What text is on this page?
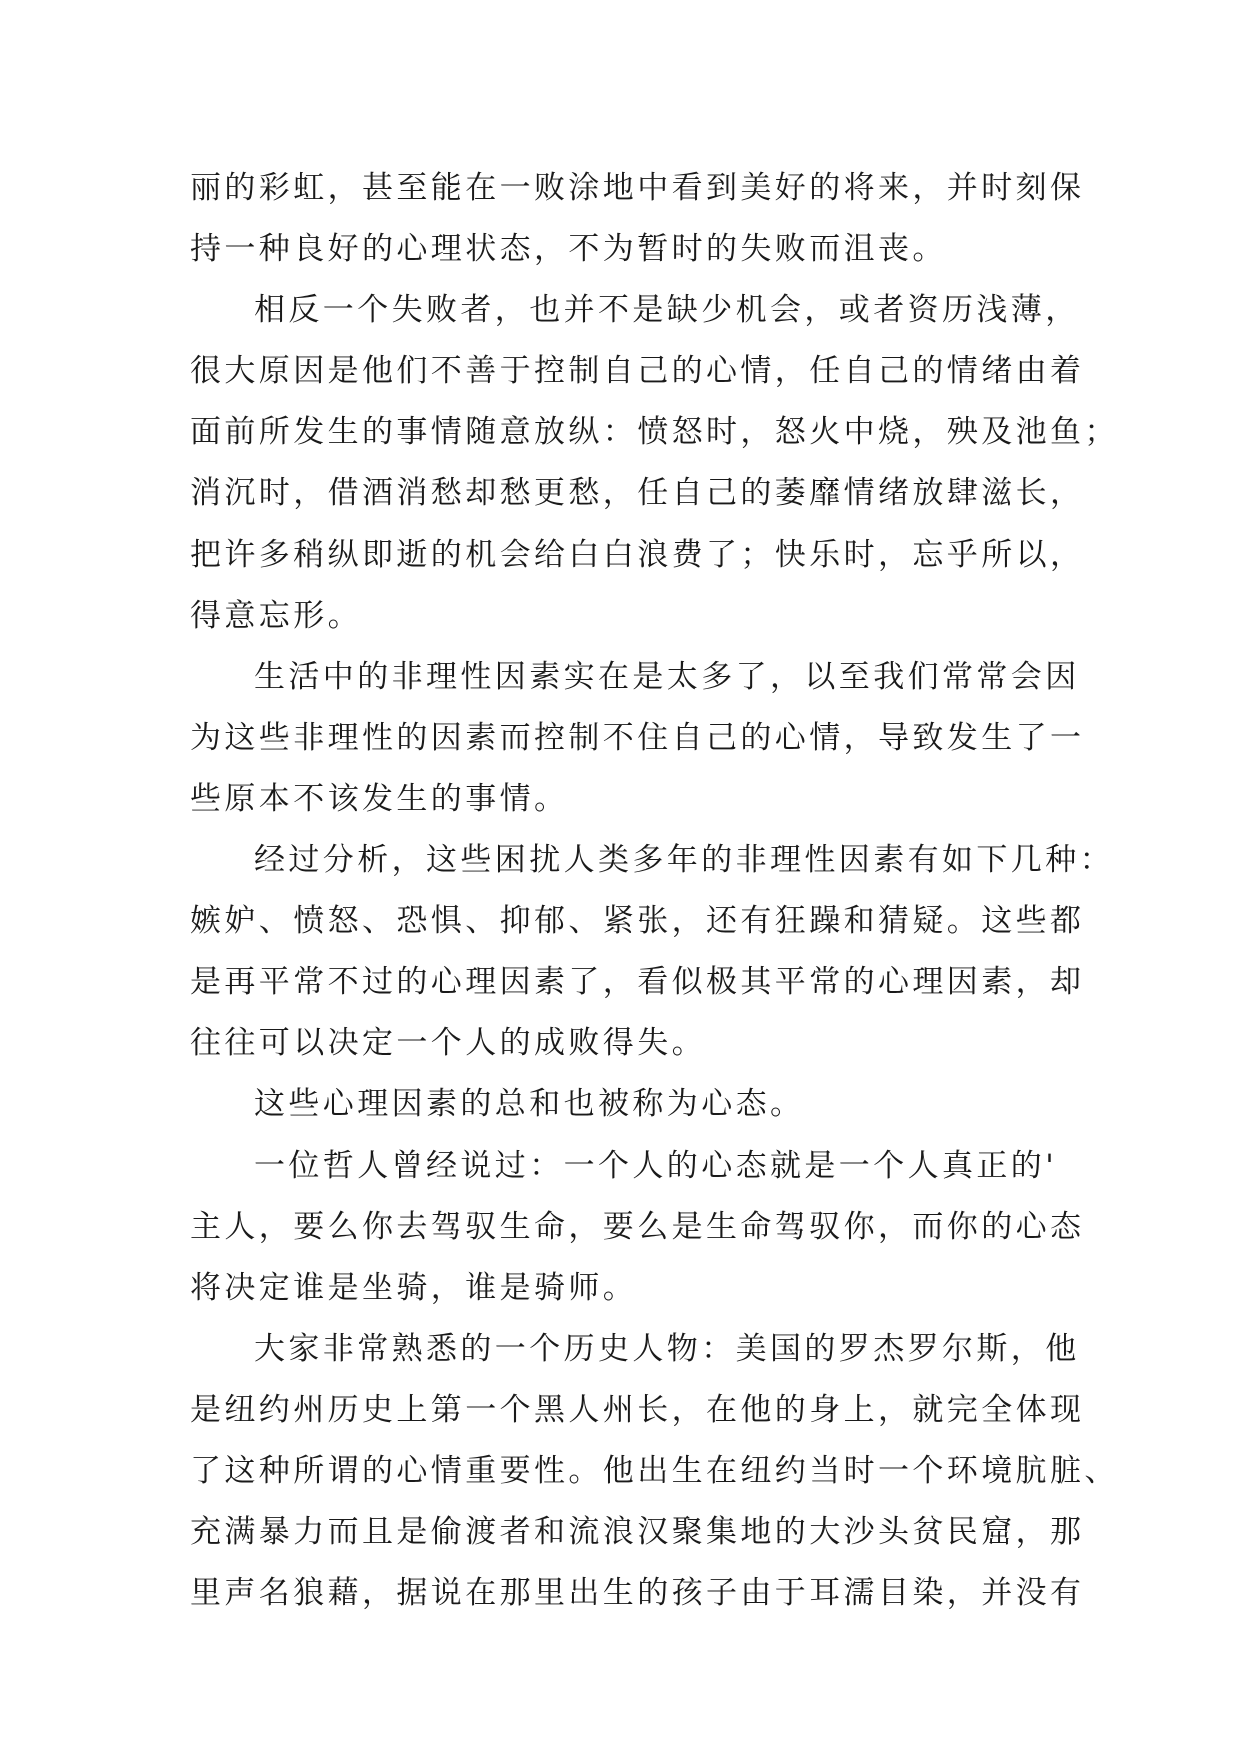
丽的彩虹，甚至能在一败涂地中看到美好的将来，并时刻保
持一种良好的心理状态，不为暂时的失败而沮丧。

相反一个失败者，也并不是缺少机会，或者资历浅薄，
很大原因是他们不善于控制自己的心情，任自己的情绪由着
面前所发生的事情随意放纵：愤怒时，怒火中烧，殃及池鱼；
消沉时，借酒消愁却愁更愁，任自己的萎靡情绪放肆滋长，
把许多稍纵即逝的机会给白白浪费了；快乐时，忘乎所以，
得意忘形。

生活中的非理性因素实在是太多了，以至我们常常会因
为这些非理性的因素而控制不住自己的心情，导致发生了一
些原本不该发生的事情。

经过分析，这些困扰人类多年的非理性因素有如下几种：
嫉妒、愤怒、恐惧、抑郁、紧张，还有狂躁和猜疑。这些都
是再平常不过的心理因素了，看似极其平常的心理因素，却
往往可以决定一个人的成败得失。

这些心理因素的总和也被称为心态。

一位哲人曾经说过：一个人的心态就是一个人真正的'
主人，要么你去驾驭生命，要么是生命驾驭你，而你的心态
将决定谁是坐骑，谁是骑师。

大家非常熟悉的一个历史人物：美国的罗杰罗尔斯，他
是纽约州历史上第一个黑人州长，在他的身上，就完全体现
了这种所谓的心情重要性。他出生在纽约当时一个环境肮脏、
充满暴力而且是偷渡者和流浪汉聚集地的大沙头贫民窟，那
里声名狼藉，据说在那里出生的孩子由于耳濡目染，并没有
